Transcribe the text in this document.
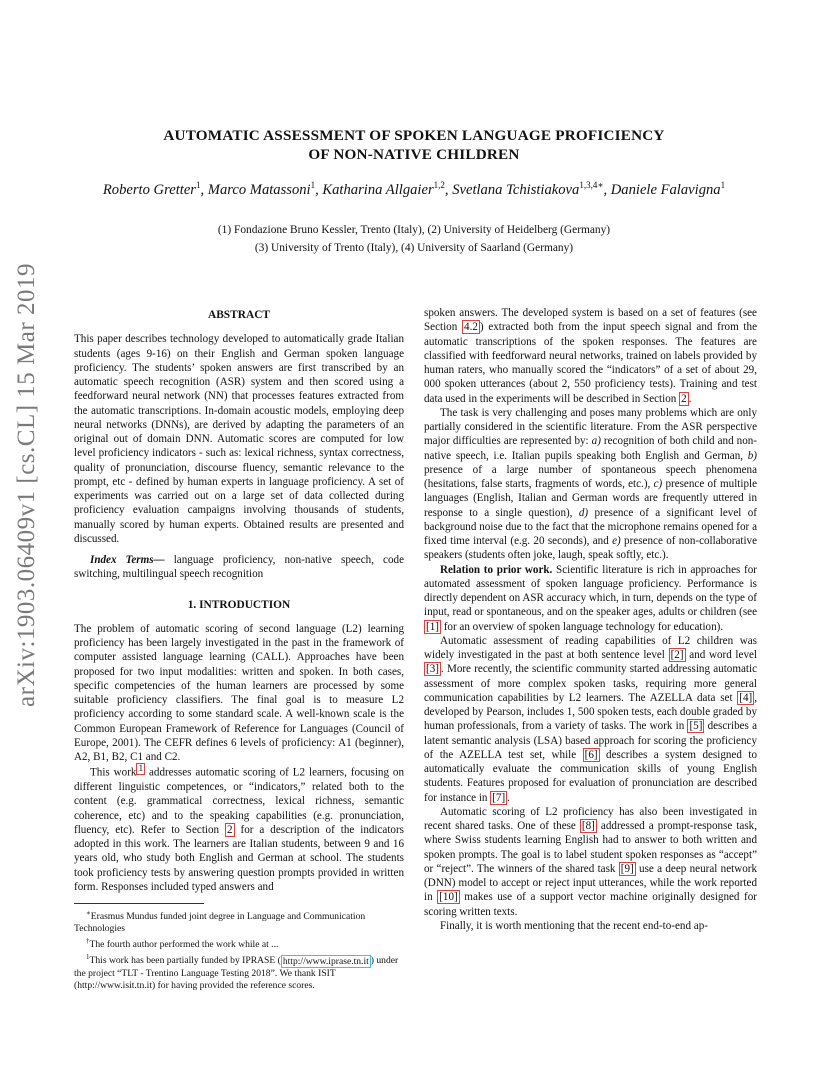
arXiv:1903.06409v1 [cs.CL] 15 Mar 2019
AUTOMATIC ASSESSMENT OF SPOKEN LANGUAGE PROFICIENCY
OF NON-NATIVE CHILDREN
Roberto Gretter$^1$, Marco Matassoni$^1$, Katharina Allgaier$^{1,2}$, Svetlana Tchistiakova$^{1,3,4∗}$, Daniele Falavigna$^1$
(1) Fondazione Bruno Kessler, Trento (Italy), (2) University of Heidelberg (Germany)
(3) University of Trento (Italy), (4) University of Saarland (Germany)
ABSTRACT

This paper describes technology developed to automatically grade Italian students (ages 9-16) on their English and German spoken language proficiency. The students’ spoken answers are first transcribed by an automatic speech recognition (ASR) system and then scored using a feedforward neural network (NN) that processes features extracted from the automatic transcriptions. In-domain acoustic models, employing deep neural networks (DNNs), are derived by adapting the parameters of an original out of domain DNN. Automatic scores are computed for low level proficiency indicators - such as: lexical richness, syntax correctness, quality of pronunciation, discourse fluency, semantic relevance to the prompt, etc - defined by human experts in language proficiency. A set of experiments was carried out on a large set of data collected during proficiency evaluation campaigns involving thousands of students, manually scored by human experts. Obtained results are presented and discussed.

Index Terms— language proficiency, non-native speech, code switching, multilingual speech recognition

1. INTRODUCTION

The problem of automatic scoring of second language (L2) learning proficiency has been largely investigated in the past in the framework of computer assisted language learning (CALL). Approaches have been proposed for two input modalities: written and spoken. In both cases, specific competencies of the human learners are processed by some suitable proficiency classifiers. The final goal is to measure L2 proficiency according to some standard scale. A well-known scale is the Common European Framework of Reference for Languages (Council of Europe, 2001). The CEFR defines 6 levels of proficiency: A1 (beginner), A2, B1, B2, C1 and C2.

This work $^1$ addresses automatic scoring of L2 learners, focusing on different linguistic competences, or “indicators,” related both to the content (e.g. grammatical correctness, lexical richness, semantic coherence, etc) and to the speaking capabilities (e.g. pronunciation, fluency, etc). Refer to Section 2 for a description of the indicators adopted in this work. The learners are Italian students, between 9 and 16 years old, who study both English and German at school. The students took proficiency tests by answering question prompts provided in written form. Responses included typed answers and

spoken answers. The developed system is based on a set of features (see Section 4.2 ) extracted both from the input speech signal and from the automatic transcriptions of the spoken responses. The features are classified with feedforward neural networks, trained on labels provided by human raters, who manually scored the “indicators” of a set of about 29, 000 spoken utterances (about 2, 550 proficiency tests). Training and test data used in the experiments will be described in Section 2 .

The task is very challenging and poses many problems which are only partially considered in the scientific literature. From the ASR perspective major difficulties are represented by: a) recognition of both child and non-native speech, i.e. Italian pupils speaking both English and German, b) presence of a large number of spontaneous speech phenomena (hesitations, false starts, fragments of words, etc.), c) presence of multiple languages (English, Italian and German words are frequently uttered in response to a single question), d) presence of a significant level of background noise due to the fact that the microphone remains opened for a fixed time interval (e.g. 20 seconds), and e) presence of non-collaborative speakers (students often joke, laugh, speak softly, etc.).

Relation to prior work. Scientific literature is rich in approaches for automated assessment of spoken language proficiency. Performance is directly dependent on ASR accuracy which, in turn, depends on the type of input, read or spontaneous, and on the speaker ages, adults or children (see [1] for an overview of spoken language technology for education).

Automatic assessment of reading capabilities of L2 children was widely investigated in the past at both sentence level [2] and word level [3] . More recently, the scientific community started addressing automatic assessment of more complex spoken tasks, requiring more general communication capabilities by L2 learners. The AZELLA data set [4] , developed by Pearson, includes 1, 500 spoken tests, each double graded by human professionals, from a variety of tasks. The work in [5] describes a latent semantic analysis (LSA) based approach for scoring the proficiency of the AZELLA test set, while [6] describes a system designed to automatically evaluate the communication skills of young English students. Features proposed for evaluation of pronunciation are described for instance in [7] .

Automatic scoring of L2 proficiency has also been investigated in recent shared tasks. One of these [8] addressed a prompt-response task, where Swiss students learning English had to answer to both written and spoken prompts. The goal is to label student spoken responses as “accept” or “reject”. The winners of the shared task [9] use a deep neural network (DNN) model to accept or reject input utterances, while the work reported in [10] makes use of a support vector machine originally designed for scoring written texts.

Finally, it is worth mentioning that the recent end-to-end ap-

∗Erasmus Mundus funded joint degree in Language and Communication Technologies

†The fourth author performed the work while at ...

$^1$This work has been partially funded by IPRASE ( http://www.iprase.tn.it ) under the project “TLT - Trentino Language Testing 2018”. We thank ISIT (http://www.isit.tn.it) for having provided the reference scores.
